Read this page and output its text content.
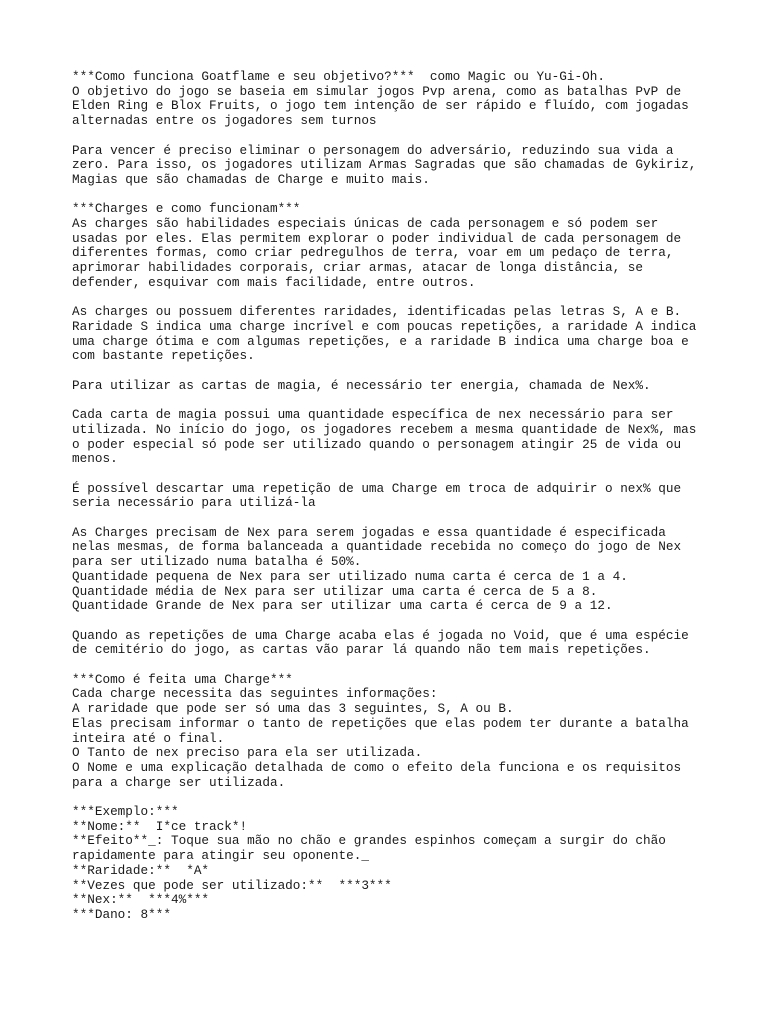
***Como funciona Goatflame e seu objetivo?***  como Magic ou Yu-Gi-Oh.
O objetivo do jogo se baseia em simular jogos Pvp arena, como as batalhas PvP de
Elden Ring e Blox Fruits, o jogo tem intenção de ser rápido e fluído, com jogadas
alternadas entre os jogadores sem turnos
Para vencer é preciso eliminar o personagem do adversário, reduzindo sua vida a
zero. Para isso, os jogadores utilizam Armas Sagradas que são chamadas de Gykiriz,
Magias que são chamadas de Charge e muito mais.
***Charges e como funcionam***
As charges são habilidades especiais únicas de cada personagem e só podem ser
usadas por eles. Elas permitem explorar o poder individual de cada personagem de
diferentes formas, como criar pedregulhos de terra, voar em um pedaço de terra,
aprimorar habilidades corporais, criar armas, atacar de longa distância, se
defender, esquivar com mais facilidade, entre outros.
As charges ou possuem diferentes raridades, identificadas pelas letras S, A e B.
Raridade S indica uma charge incrível e com poucas repetições, a raridade A indica
uma charge ótima e com algumas repetições, e a raridade B indica uma charge boa e
com bastante repetições.
Para utilizar as cartas de magia, é necessário ter energia, chamada de Nex%.
Cada carta de magia possui uma quantidade específica de nex necessário para ser
utilizada. No início do jogo, os jogadores recebem a mesma quantidade de Nex%, mas
o poder especial só pode ser utilizado quando o personagem atingir 25 de vida ou
menos.
É possível descartar uma repetição de uma Charge em troca de adquirir o nex% que
seria necessário para utilizá-la
As Charges precisam de Nex para serem jogadas e essa quantidade é especificada
nelas mesmas, de forma balanceada a quantidade recebida no começo do jogo de Nex
para ser utilizado numa batalha é 50%.
Quantidade pequena de Nex para ser utilizado numa carta é cerca de 1 a 4.
Quantidade média de Nex para ser utilizar uma carta é cerca de 5 a 8.
Quantidade Grande de Nex para ser utilizar uma carta é cerca de 9 a 12.
Quando as repetições de uma Charge acaba elas é jogada no Void, que é uma espécie
de cemitério do jogo, as cartas vão parar lá quando não tem mais repetições.
***Como é feita uma Charge***
Cada charge necessita das seguintes informações:
A raridade que pode ser só uma das 3 seguintes, S, A ou B.
Elas precisam informar o tanto de repetições que elas podem ter durante a batalha
inteira até o final.
O Tanto de nex preciso para ela ser utilizada.
O Nome e uma explicação detalhada de como o efeito dela funciona e os requisitos
para a charge ser utilizada.
***Exemplo:***
**Nome:**  I*ce track*!
**Efeito**_: Toque sua mão no chão e grandes espinhos começam a surgir do chão
rapidamente para atingir seu oponente._
**Raridade:**  *A*
**Vezes que pode ser utilizado:**  ***3***
**Nex:**  ***4%***
***Dano: 8***
